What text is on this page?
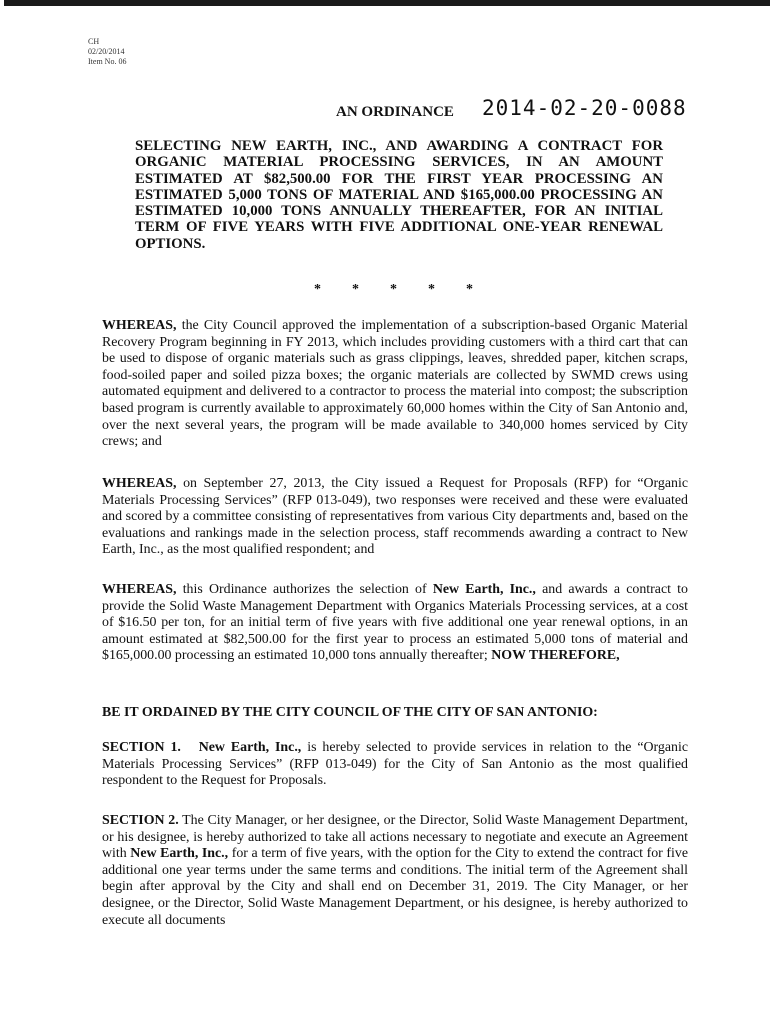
CH
02/20/2014
Item No. 06
AN ORDINANCE 2014-02-20-0088

SELECTING NEW EARTH, INC., AND AWARDING A CONTRACT FOR ORGANIC MATERIAL PROCESSING SERVICES, IN AN AMOUNT ESTIMATED AT $82,500.00 FOR THE FIRST YEAR PROCESSING AN ESTIMATED 5,000 TONS OF MATERIAL AND $165,000.00 PROCESSING AN ESTIMATED 10,000 TONS ANNUALLY THEREAFTER, FOR AN INITIAL TERM OF FIVE YEARS WITH FIVE ADDITIONAL ONE-YEAR RENEWAL OPTIONS.

* * * * *

WHEREAS, the City Council approved the implementation of a subscription-based Organic Material Recovery Program beginning in FY 2013, which includes providing customers with a third cart that can be used to dispose of organic materials such as grass clippings, leaves, shredded paper, kitchen scraps, food-soiled paper and soiled pizza boxes; the organic materials are collected by SWMD crews using automated equipment and delivered to a contractor to process the material into compost; the subscription based program is currently available to approximately 60,000 homes within the City of San Antonio and, over the next several years, the program will be made available to 340,000 homes serviced by City crews; and

WHEREAS, on September 27, 2013, the City issued a Request for Proposals (RFP) for “Organic Materials Processing Services” (RFP 013-049), two responses were received and these were evaluated and scored by a committee consisting of representatives from various City departments and, based on the evaluations and rankings made in the selection process, staff recommends awarding a contract to New Earth, Inc., as the most qualified respondent; and

WHEREAS, this Ordinance authorizes the selection of New Earth, Inc., and awards a contract to provide the Solid Waste Management Department with Organics Materials Processing services, at a cost of $16.50 per ton, for an initial term of five years with five additional one year renewal options, in an amount estimated at $82,500.00 for the first year to process an estimated 5,000 tons of material and $165,000.00 processing an estimated 10,000 tons annually thereafter; NOW THEREFORE,

BE IT ORDAINED BY THE CITY COUNCIL OF THE CITY OF SAN ANTONIO:

SECTION 1. New Earth, Inc., is hereby selected to provide services in relation to the “Organic Materials Processing Services” (RFP 013-049) for the City of San Antonio as the most qualified respondent to the Request for Proposals.

SECTION 2. The City Manager, or her designee, or the Director, Solid Waste Management Department, or his designee, is hereby authorized to take all actions necessary to negotiate and execute an Agreement with New Earth, Inc., for a term of five years, with the option for the City to extend the contract for five additional one year terms under the same terms and conditions. The initial term of the Agreement shall begin after approval by the City and shall end on December 31, 2019. The City Manager, or her designee, or the Director, Solid Waste Management Department, or his designee, is hereby authorized to execute all documents
